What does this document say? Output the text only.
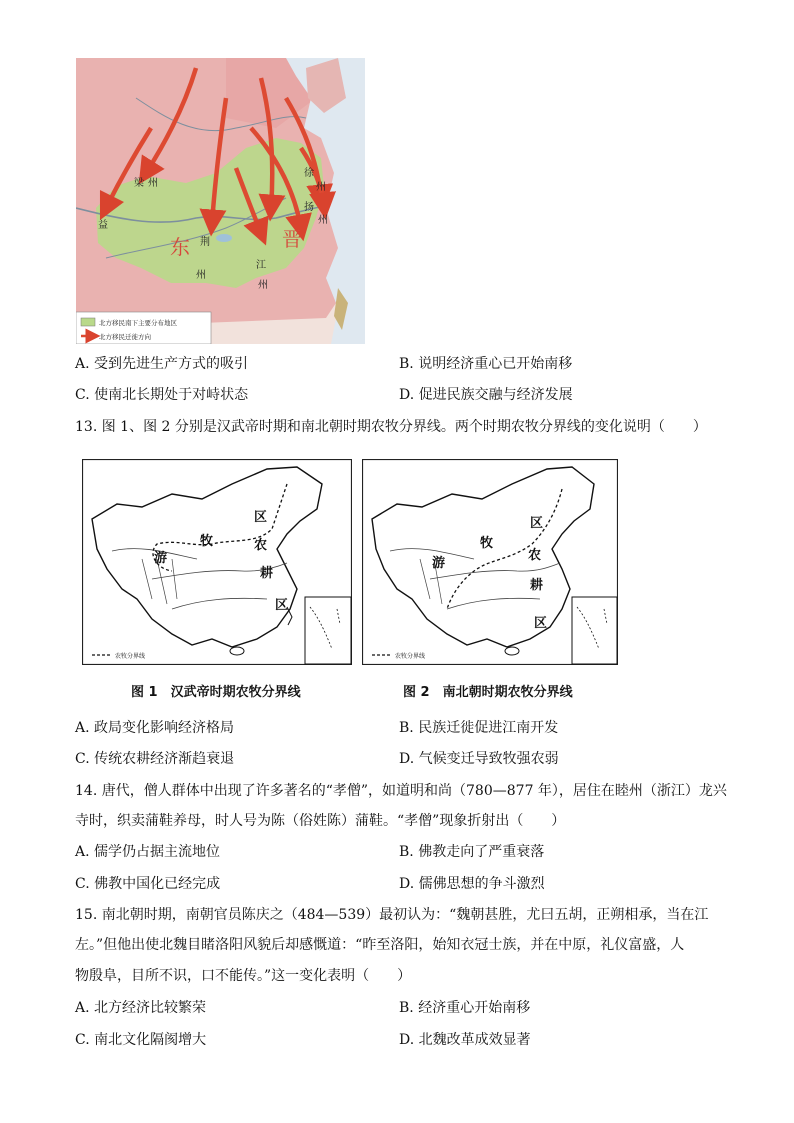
梁 州
益
荆
州
江
州
徐
州
扬
州
东	晋
北方移民南下主要分布地区
北方移民迁徙方向
A. 受到先进生产方式的吸引	B. 说明经济重心已开始南移
C. 使南北长期处于对峙状态	D. 促进民族交融与经济发展
13. 图 1、图 2 分别是汉武帝时期和南北朝时期农牧分界线。两个时期农牧分界线的变化说明（　　）
农牧分界线
游
牧
区
农
耕
区
农牧分界线
游
牧
区
农
耕
区
图 1　汉武帝时期农牧分界线	图 2　南北朝时期农牧分界线
A. 政局变化影响经济格局	B. 民族迁徙促进江南开发
C. 传统农耕经济渐趋衰退	D. 气候变迁导致牧强农弱
14. 唐代，僧人群体中出现了许多著名的“孝僧”，如道明和尚（780—877 年），居住在睦州（浙江）龙兴
寺时，织卖蒲鞋养母，时人号为陈（俗姓陈）蒲鞋。“孝僧”现象折射出（　　）
A. 儒学仍占据主流地位	B. 佛教走向了严重衰落
C. 佛教中国化已经完成	D. 儒佛思想的争斗激烈
15. 南北朝时期，南朝官员陈庆之（484—539）最初认为：“魏朝甚胜，尤曰五胡，正朔相承，当在江
左。”但他出使北魏目睹洛阳风貌后却感慨道：“昨至洛阳，始知衣冠士族，并在中原，礼仪富盛，人
物殷阜，目所不识，口不能传。”这一变化表明（　　）
A. 北方经济比较繁荣	B. 经济重心开始南移
C. 南北文化隔阂增大	D. 北魏改革成效显著
